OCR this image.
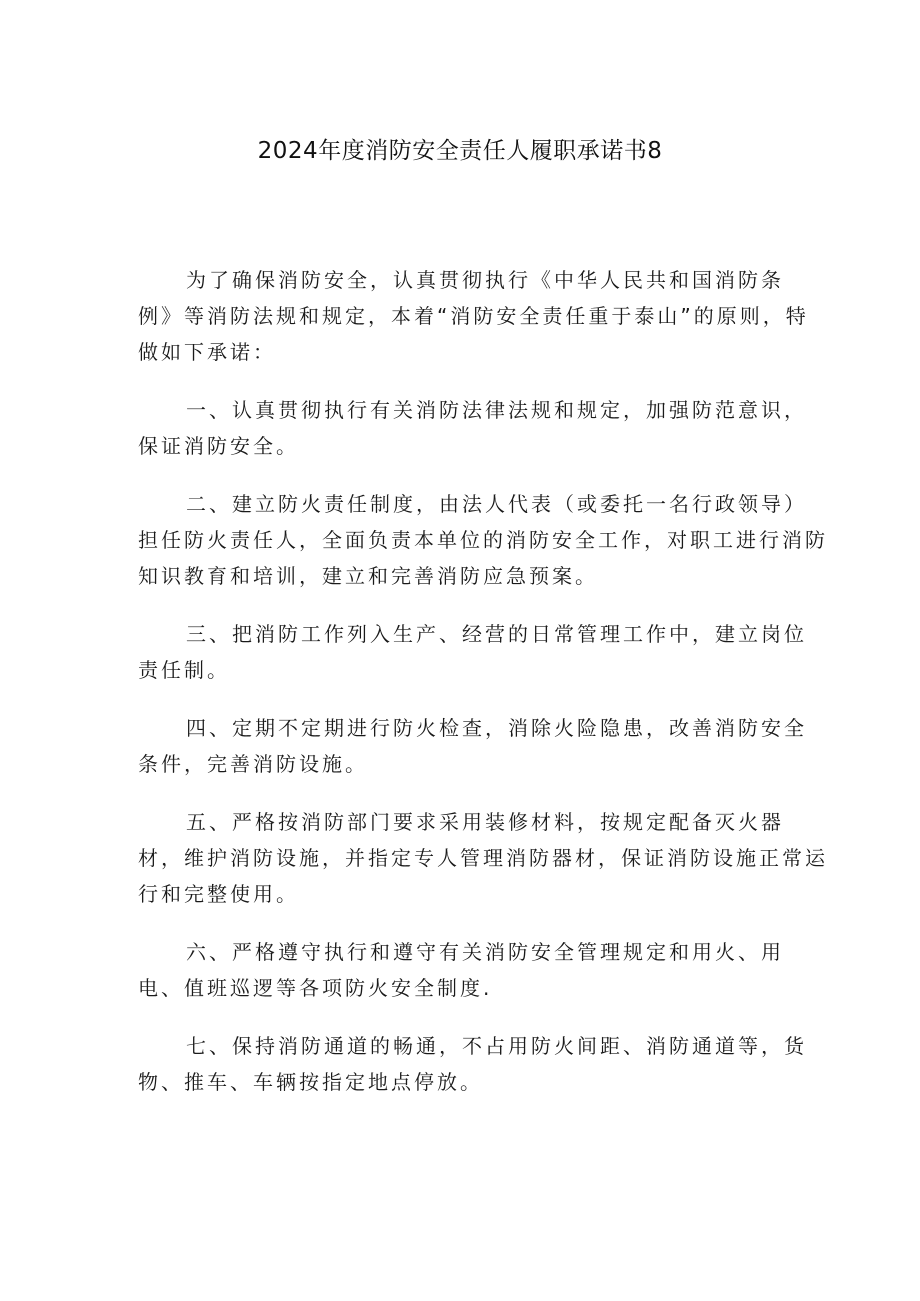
2024年度消防安全责任人履职承诺书8
为了确保消防安全，认真贯彻执行《中华人民共和国消防条
例》等消防法规和规定，本着“消防安全责任重于泰山”的原则，特
做如下承诺：
一、认真贯彻执行有关消防法律法规和规定，加强防范意识，
保证消防安全。
二、建立防火责任制度，由法人代表（或委托一名行政领导）
担任防火责任人，全面负责本单位的消防安全工作，对职工进行消防
知识教育和培训，建立和完善消防应急预案。
三、把消防工作列入生产、经营的日常管理工作中，建立岗位
责任制。
四、定期不定期进行防火检查，消除火险隐患，改善消防安全
条件，完善消防设施。
五、严格按消防部门要求采用装修材料，按规定配备灭火器
材，维护消防设施，并指定专人管理消防器材，保证消防设施正常运
行和完整使用。
六、严格遵守执行和遵守有关消防安全管理规定和用火、用
电、值班巡逻等各项防火安全制度.
七、保持消防通道的畅通，不占用防火间距、消防通道等，货
物、推车、车辆按指定地点停放。
